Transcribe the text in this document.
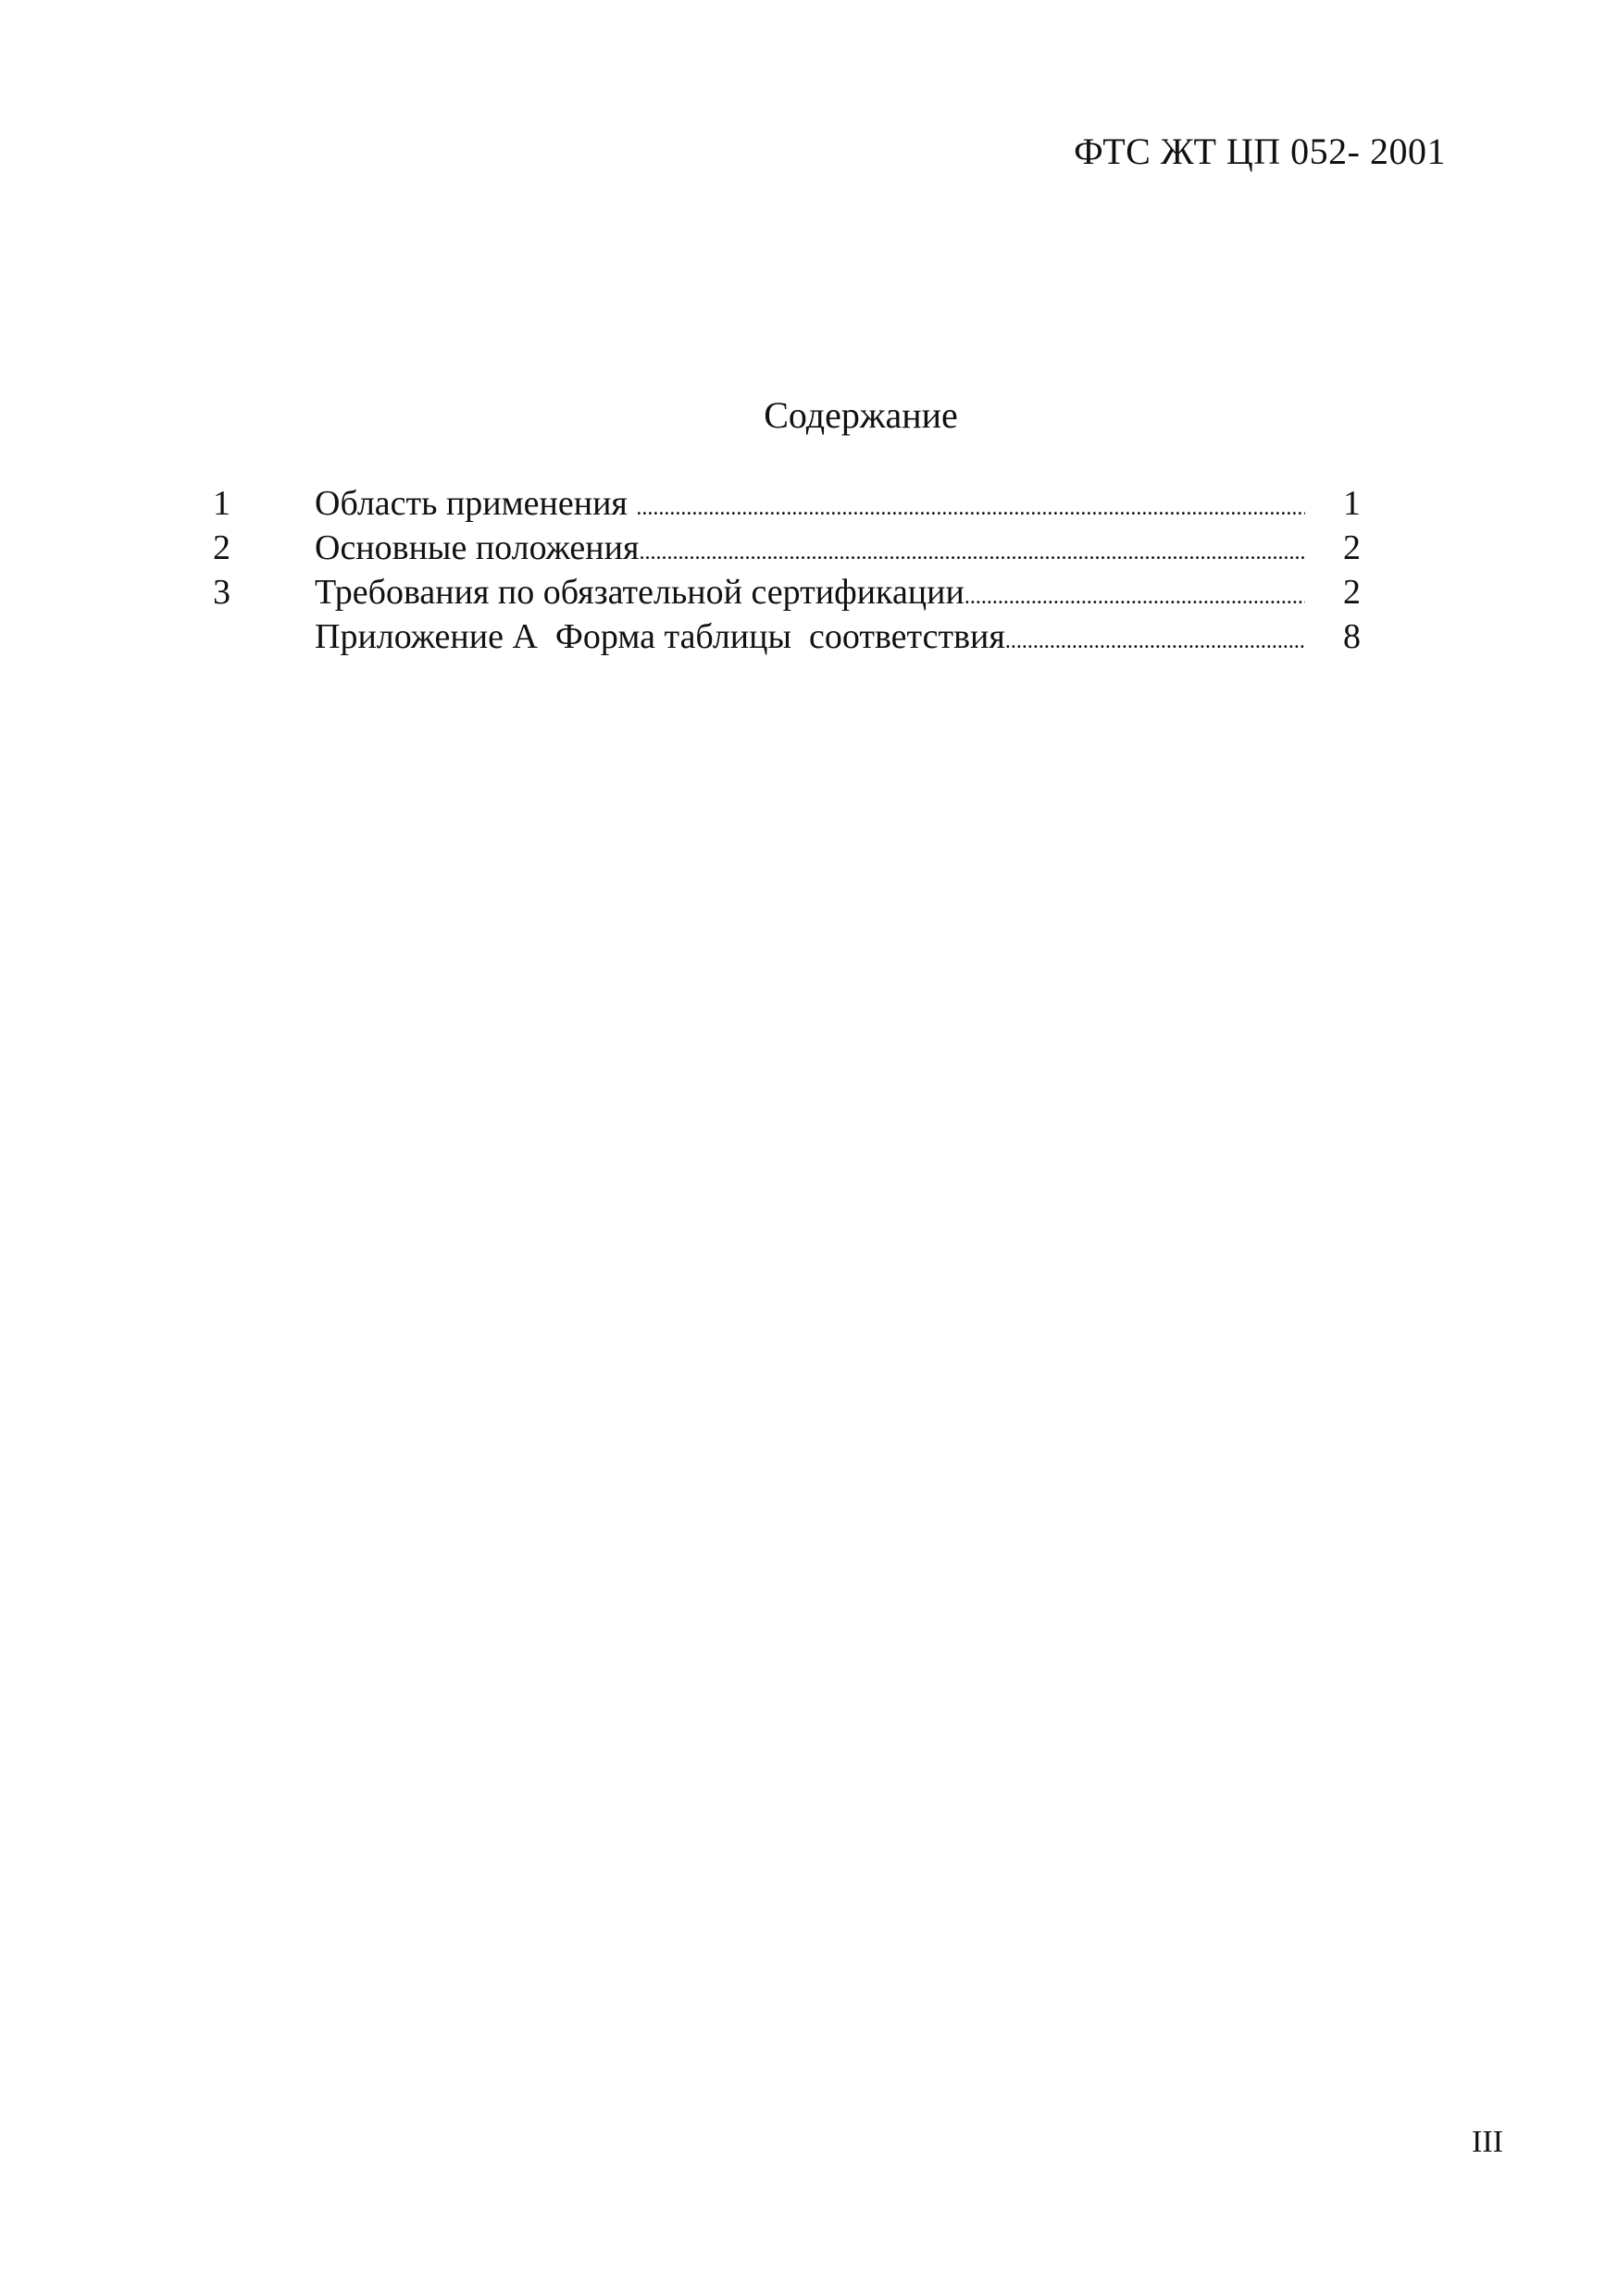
ФТС ЖТ ЦП 052- 2001
Содержание
1	Область применения .....	1
2	Основные положения .....	2
3	Требования по обязательной сертификации .....	2
Приложение А  Форма таблицы  соответствия .....	8
III
